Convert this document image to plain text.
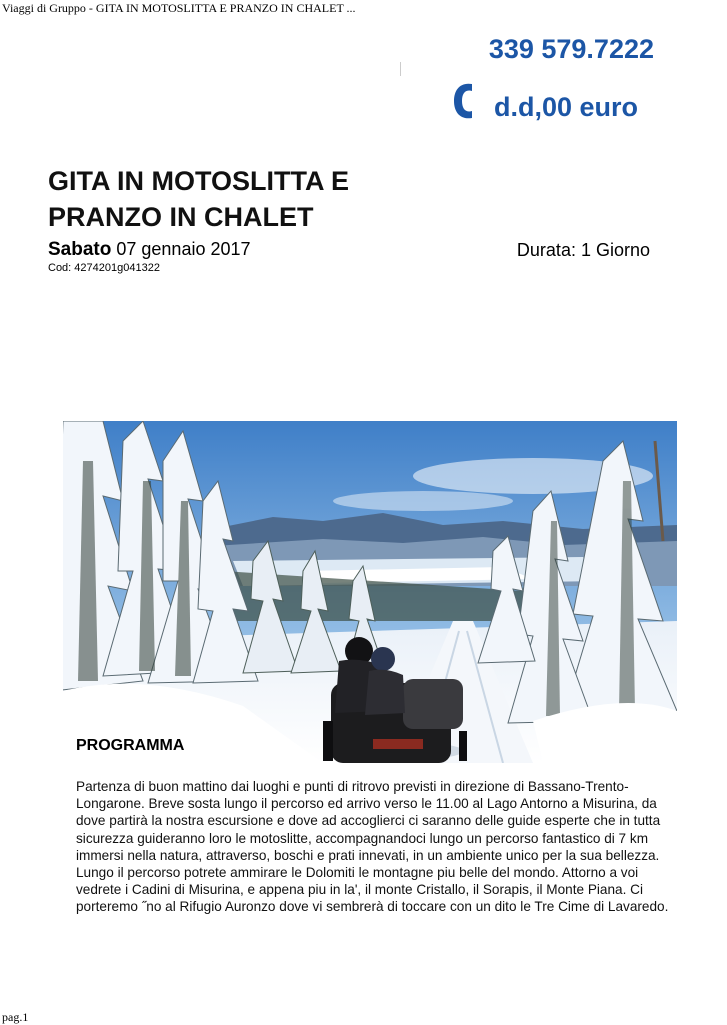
Viaggi di Gruppo - GITA IN MOTOSLITTA E PRANZO IN CHALET ...
339 579.7222
d.d,00 euro
GITA IN MOTOSLITTA E PRANZO IN CHALET
Sabato 07 gennaio 2017	Durata: 1 Giorno
Cod: 4274201g041322
PROGRAMMA
Partenza di buon mattino dai luoghi e punti di ritrovo previsti in direzione di Bassano-Trento-Longarone. Breve sosta lungo il percorso ed arrivo verso le 11.00 al Lago Antorno a Misurina, da dove partirà la nostra escursione e dove ad accoglierci ci saranno delle guide esperte che in tutta sicurezza guideranno loro le motoslitte, accompagnandoci lungo un percorso fantastico di 7 km immersi nella natura, attraverso, boschi e prati innevati, in un ambiente unico per la sua bellezza. Lungo il percorso potrete ammirare le Dolomiti le montagne piu belle del mondo. Attorno a voi vedrete i Cadini di Misurina, e appena piu in la', il monte Cristallo, il Sorapis, il Monte Piana. Ci porteremo ˝no al Rifugio Auronzo dove vi sembrerà di toccare con un dito le Tre Cime di Lavaredo.
pag.1
